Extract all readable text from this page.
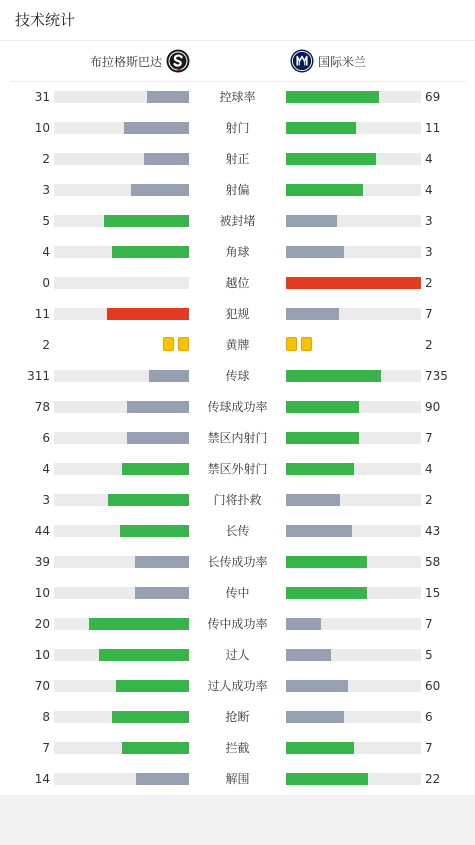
技术统计
布拉格斯巴达	国际米兰
31	控球率	69
10	射门	11
2	射正	4
3	射偏	4
5	被封堵	3
4	角球	3
0	越位	2
11	犯规	7
2	黄牌	2
311	传球	735
78	传球成功率	90
6	禁区内射门	7
4	禁区外射门	4
3	门将扑救	2
44	长传	43
39	长传成功率	58
10	传中	15
20	传中成功率	7
10	过人	5
70	过人成功率	60
8	抢断	6
7	拦截	7
14	解围	22
